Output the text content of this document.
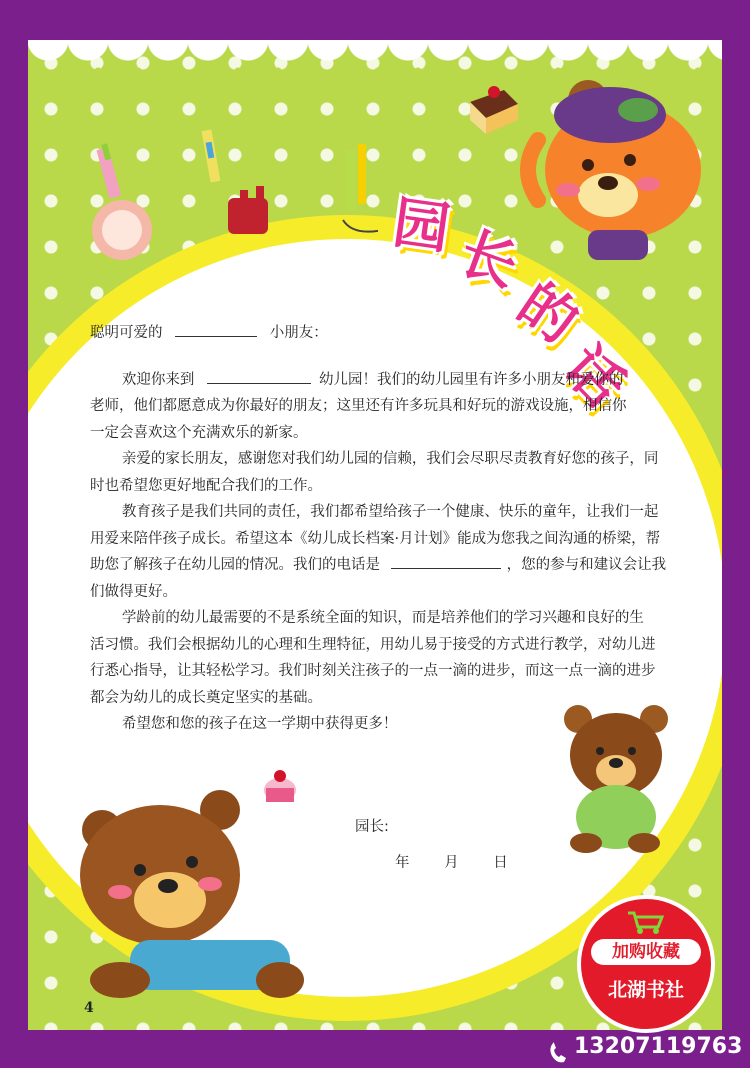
园
长
的
话

聪明可爱的	小朋友：

欢迎你来到	幼儿园！我们的幼儿园里有许多小朋友和爱你的老师，他们都愿意成为你最好的朋友；这里还有许多玩具和好玩的游戏设施，相信你一定会喜欢这个充满欢乐的新家。

亲爱的家长朋友，感谢您对我们幼儿园的信赖，我们会尽职尽责教育好您的孩子，同时也希望您更好地配合我们的工作。

教育孩子是我们共同的责任，我们都希望给孩子一个健康、快乐的童年，让我们一起用爱来陪伴孩子成长。希望这本《幼儿成长档案·月计划》能成为您我之间沟通的桥梁，帮助您了解孩子在幼儿园的情况。我们的电话是	，您的参与和建议会让我们做得更好。

学龄前的幼儿最需要的不是系统全面的知识，而是培养他们的学习兴趣和良好的生活习惯。我们会根据幼儿的心理和生理特征，用幼儿易于接受的方式进行教学，对幼儿进行悉心指导，让其轻松学习。我们时刻关注孩子的一点一滴的进步，而这一点一滴的进步都会为幼儿的成长奠定坚实的基础。

希望您和您的孩子在这一学期中获得更多！

园长:
年 月 日
4
加购收藏
北湖书社
13207119763
